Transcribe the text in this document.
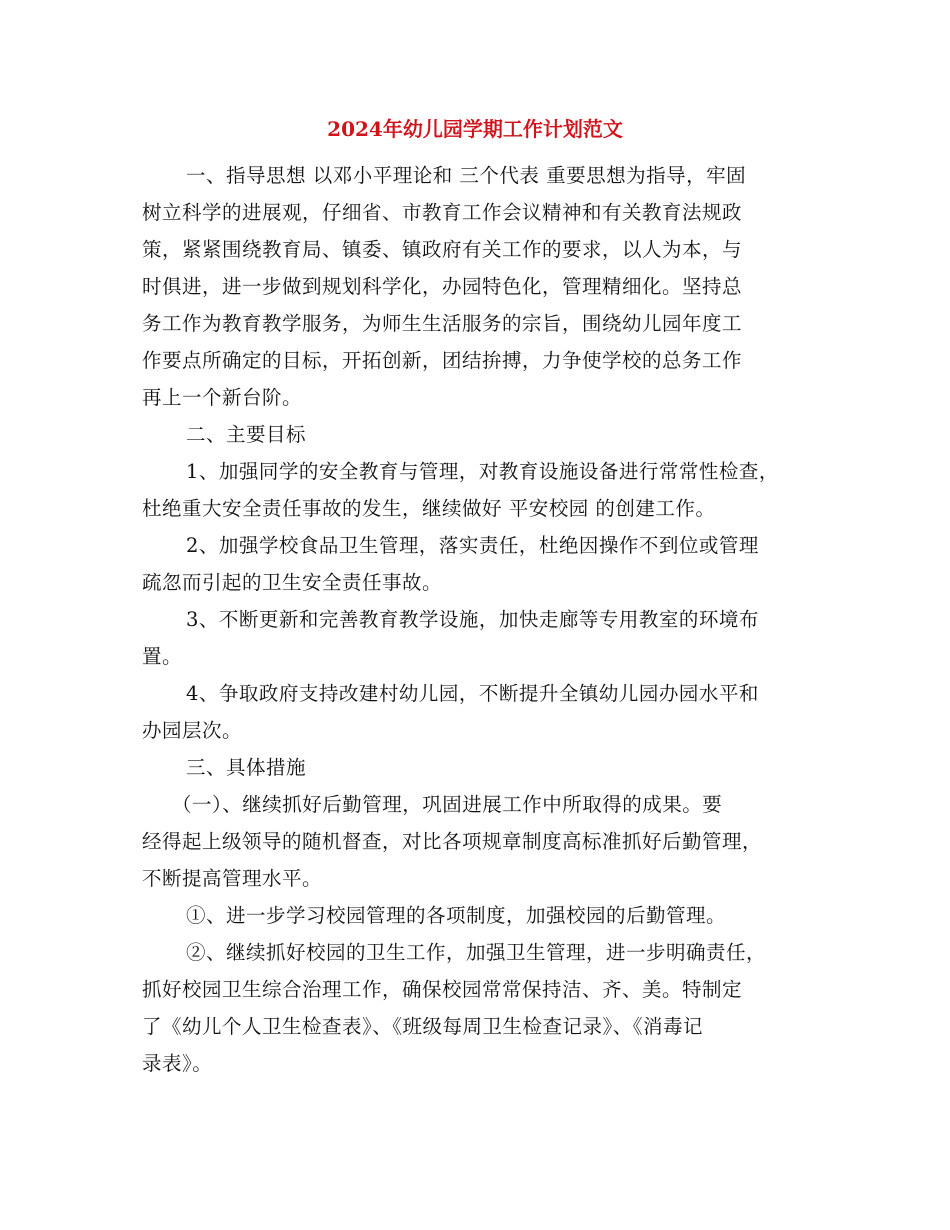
2024年幼儿园学期工作计划范文
一、指导思想 以邓小平理论和 三个代表 重要思想为指导，牢固
树立科学的进展观，仔细省、市教育工作会议精神和有关教育法规政
策，紧紧围绕教育局、镇委、镇政府有关工作的要求，以人为本，与
时俱进，进一步做到规划科学化，办园特色化，管理精细化。坚持总
务工作为教育教学服务，为师生生活服务的宗旨，围绕幼儿园年度工
作要点所确定的目标，开拓创新，团结拚搏，力争使学校的总务工作
再上一个新台阶。
二、主要目标
1、加强同学的安全教育与管理，对教育设施设备进行常常性检查，
杜绝重大安全责任事故的发生，继续做好 平安校园 的创建工作。
2、加强学校食品卫生管理，落实责任，杜绝因操作不到位或管理
疏忽而引起的卫生安全责任事故。
3、不断更新和完善教育教学设施，加快走廊等专用教室的环境布
置。
4、争取政府支持改建村幼儿园，不断提升全镇幼儿园办园水平和
办园层次。
三、具体措施
（一）、继续抓好后勤管理，巩固进展工作中所取得的成果。要
经得起上级领导的随机督查，对比各项规章制度高标准抓好后勤管理，
不断提高管理水平。
①、进一步学习校园管理的各项制度，加强校园的后勤管理。
②、继续抓好校园的卫生工作，加强卫生管理，进一步明确责任，
抓好校园卫生综合治理工作，确保校园常常保持洁、齐、美。特制定
了《幼儿个人卫生检查表》、《班级每周卫生检查记录》、《消毒记
录表》。
